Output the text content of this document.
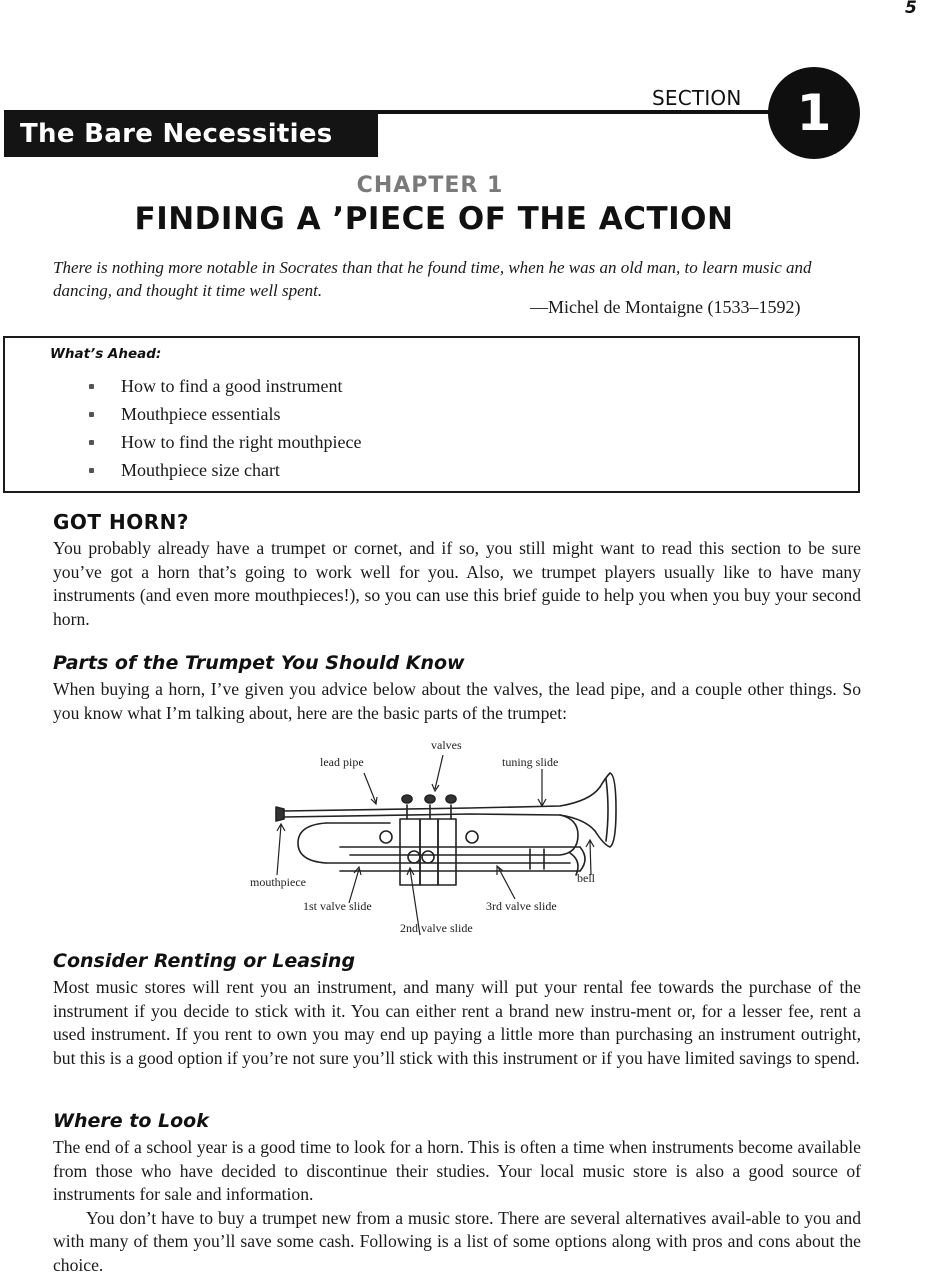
5
The Bare Necessities
SECTION 1
CHAPTER 1
FINDING A ’PIECE OF THE ACTION
There is nothing more notable in Socrates than that he found time, when he was an old man, to learn music and dancing, and thought it time well spent.
—Michel de Montaigne (1533–1592)
What’s Ahead:
How to find a good instrument
Mouthpiece essentials
How to find the right mouthpiece
Mouthpiece size chart
GOT HORN?

You probably already have a trumpet or cornet, and if so, you still might want to read this section to be sure you’ve got a horn that’s going to work well for you. Also, we trumpet players usually like to have many instruments (and even more mouthpieces!), so you can use this brief guide to help you when you buy your second horn.

Parts of the Trumpet You Should Know

When buying a horn, I’ve given you advice below about the valves, the lead pipe, and a couple other things. So you know what I’m talking about, here are the basic parts of the trumpet:

valves
lead pipe	tuning slide
mouthpiece	bell
1st valve slide	3rd valve slide
2nd valve slide
Consider Renting or Leasing

Most music stores will rent you an instrument, and many will put your rental fee towards the purchase of the instrument if you decide to stick with it. You can either rent a brand new instru-ment or, for a lesser fee, rent a used instrument. If you rent to own you may end up paying a little more than purchasing an instrument outright, but this is a good option if you’re not sure you’ll stick with this instrument or if you have limited savings to spend.

Where to Look

The end of a school year is a good time to look for a horn. This is often a time when instruments become available from those who have decided to discontinue their studies. Your local music store is also a good source of instruments for sale and information.

You don’t have to buy a trumpet new from a music store. There are several alternatives avail-able to you and with many of them you’ll save some cash. Following is a list of some options along with pros and cons about the choice.
